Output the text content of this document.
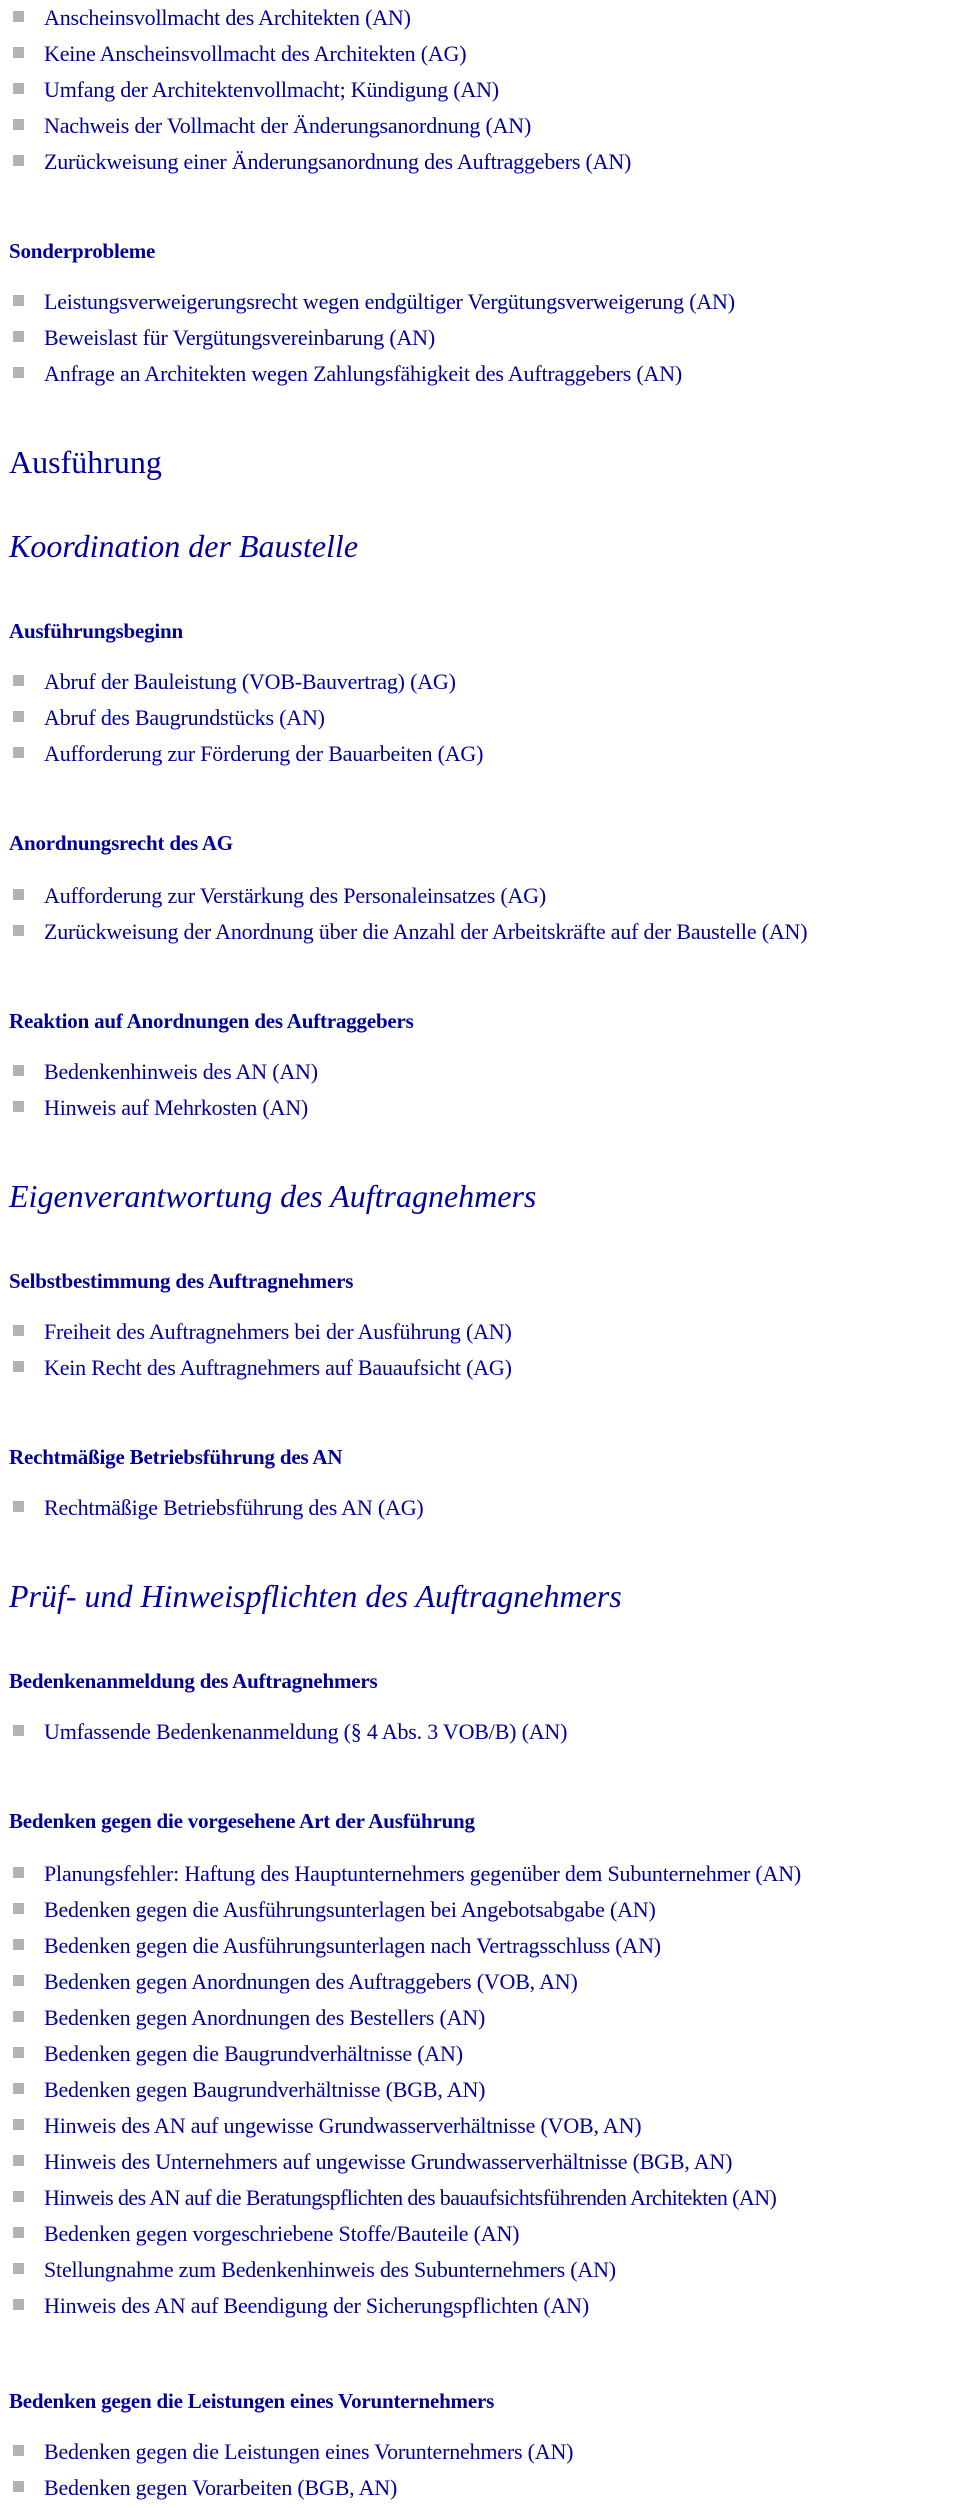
Anscheinsvollmacht des Architekten (AN)
Keine Anscheinsvollmacht des Architekten (AG)
Umfang der Architektenvollmacht; Kündigung (AN)
Nachweis der Vollmacht der Änderungsanordnung (AN)
Zurückweisung einer Änderungsanordnung des Auftraggebers (AN)
Sonderprobleme
Leistungsverweigerungsrecht wegen endgültiger Vergütungsverweigerung (AN)
Beweislast für Vergütungsvereinbarung (AN)
Anfrage an Architekten wegen Zahlungsfähigkeit des Auftraggebers (AN)
Ausführung
Koordination der Baustelle
Ausführungsbeginn
Abruf der Bauleistung (VOB-Bauvertrag) (AG)
Abruf des Baugrundstücks (AN)
Aufforderung zur Förderung der Bauarbeiten (AG)
Anordnungsrecht des AG
Aufforderung zur Verstärkung des Personaleinsatzes (AG)
Zurückweisung der Anordnung über die Anzahl der Arbeitskräfte auf der Baustelle (AN)
Reaktion auf Anordnungen des Auftraggebers
Bedenkenhinweis des AN (AN)
Hinweis auf Mehrkosten (AN)
Eigenverantwortung des Auftragnehmers
Selbstbestimmung des Auftragnehmers
Freiheit des Auftragnehmers bei der Ausführung (AN)
Kein Recht des Auftragnehmers auf Bauaufsicht (AG)
Rechtmäßige Betriebsführung des AN
Rechtmäßige Betriebsführung des AN (AG)
Prüf- und Hinweispflichten des Auftragnehmers
Bedenkenanmeldung des Auftragnehmers
Umfassende Bedenkenanmeldung (§ 4 Abs. 3 VOB/B) (AN)
Bedenken gegen die vorgesehene Art der Ausführung
Planungsfehler: Haftung des Hauptunternehmers gegenüber dem Subunternehmer (AN)
Bedenken gegen die Ausführungsunterlagen bei Angebotsabgabe (AN)
Bedenken gegen die Ausführungsunterlagen nach Vertragsschluss (AN)
Bedenken gegen Anordnungen des Auftraggebers (VOB, AN)
Bedenken gegen Anordnungen des Bestellers (AN)
Bedenken gegen die Baugrundverhältnisse (AN)
Bedenken gegen Baugrundverhältnisse (BGB, AN)
Hinweis des AN auf ungewisse Grundwasserverhältnisse (VOB, AN)
Hinweis des Unternehmers auf ungewisse Grundwasserverhältnisse (BGB, AN)
Hinweis des AN auf die Beratungspflichten des bauaufsichtsführenden Architekten (AN)
Bedenken gegen vorgeschriebene Stoffe/Bauteile (AN)
Stellungnahme zum Bedenkenhinweis des Subunternehmers (AN)
Hinweis des AN auf Beendigung der Sicherungspflichten (AN)
Bedenken gegen die Leistungen eines Vorunternehmers
Bedenken gegen die Leistungen eines Vorunternehmers (AN)
Bedenken gegen Vorarbeiten (BGB, AN)
